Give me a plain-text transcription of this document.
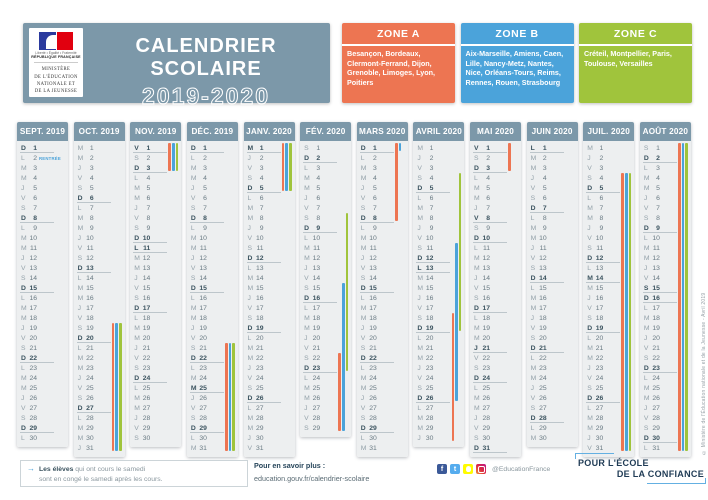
Liberté • Égalité • Fraternité
RÉPUBLIQUE FRANÇAISE
MINISTÈRE
DE L'ÉDUCATION
NATIONALE ET
DE LA JEUNESSE
CALENDRIER SCOLAIRE
2019-2020
ZONE A
Besançon, Bordeaux, Clermont-Ferrand, Dijon, Grenoble, Limoges, Lyon, Poitiers
ZONE B
Aix-Marseille, Amiens, Caen, Lille, Nancy-Metz, Nantes, Nice, Orléans-Tours, Reims, Rennes, Rouen, Strasbourg
ZONE C
Créteil, Montpellier, Paris, Toulouse, Versailles
SEPT. 2019
D	1
L	2 RENTRÉE
M 3
M 4
J	5
V	6
S	7
D	8
L	9
M 10
M 11
J 12
V 13
S 14
D 15
L 16
M 17
M 18
J 19
V 20
S 21
D 22
L 23
M 24
M 25
J 26
V 27
S 28
D 29
L 30
OCT. 2019
M 1
M 2
J	3
V	4
S	5
D	6
L	7
M 8
M 9
J 10
V 11
S 12
D 13
L 14
M 15
M 16
J 17
V 18
S 19
D 20
L 21
M 22
M 23
J 24
V 25
S 26
D 27
L 28
M 29
M 30
J 31
NOV. 2019
V	1
S	2
D	3
L	4
M 5
M 6
J	7
V	8
S	9
D 10
L 11
M 12
M 13
J 14
V 15
S 16
D 17
L 18
M 19
M 20
J 21
V 22
S 23
D 24
L 25
M 26
M 27
J 28
V 29
S 30
DÉC. 2019
D	1
L	2
M 3
M 4
J	5
V	6
S	7
D	8
L	9
M 10
M 11
J 12
V 13
S 14
D 15
L 16
M 17
M 18
J 19
V 20
S 21
D 22
L 23
M 24
M 25
J 26
V 27
S 28
D 29
L 30
M 31
JANV. 2020
M 1
J	2
V	3
S	4
D	5
L	6
M 7
M 8
J	9
V 10
S 11
D 12
L 13
M 14
M 15
J 16
V 17
S 18
D 19
L 20
M 21
M 22
J 23
V 24
S 25
D 26
L 27
M 28
M 29
J 30
V 31
FÉV. 2020
S	1
D	2
L	3
M 4
M 5
J	6
V	7
S	8
D	9
L 10
M 11
M 12
J 13
V 14
S 15
D 16
L 17
M 18
M 19
J 20
V 21
S 22
D 23
L 24
M 25
M 26
J 27
V 28
S 29
MARS 2020
D	1
L	2
M 3
M 4
J	5
V	6
S	7
D	8
L	9
M 10
M 11
J 12
V 13
S 14
D 15
L 16
M 17
M 18
J 19
V 20
S 21
D 22
L 23
M 24
M 25
J 26
V 27
S 28
D 29
L 30
M 31
AVRIL 2020
M 1
J	2
V	3
S	4
D	5
L	6
M 7
M 8
J	9
V 10
S 11
D 12
L 13
M 14
M 15
J 16
V 17
S 18
D 19
L 20
M 21
M 22
J 23
V 24
S 25
D 26
L 27
M 28
M 29
J 30
MAI 2020
V	1
S	2
D	3
L	4
M 5
M 6
J	7
V	8
S	9
D 10
L 11
M 12
M 13
J 14
V 15
S 16
D 17
L 18
M 19
M 20
J 21
V 22
S 23
D 24
L 25
M 26
M 27
J 28
V 29
S 30
D 31
JUIN 2020
L	1
M 2
M 3
J	4
V	5
S	6
D	7
L	8
M 9
M 10
J 11
V 12
S 13
D 14
L 15
M 16
M 17
J 18
V 19
S 20
D 21
L 22
M 23
M 24
J 25
V 26
S 27
D 28
L 29
M 30
JUIL. 2020
M 1
J	2
V	3
S	4
D	5
L	6
M 7
M 8
J	9
V 10
S 11
D 12
L 13
M 14
M 15
J 16
V 17
S 18
D 19
L 20
M 21
M 22
J 23
V 24
S 25
D 26
L 27
M 28
M 29
J 30
V 31
AOÛT 2020
S	1
D	2
L	3
M 4
M 5
J	6
V	7
S	8
D	9
L 10
M 11
M 12
J 13
V 14
S 15
D 16
L 17
M 18
M 19
J 20
V 21
S 22
D 23
L 24
M 25
M 26
J 27
V 28
S 29
D 30
L 31
→ Les élèves qui ont cours le samedi
sont en congé le samedi après les cours.
Pour en savoir plus :
education.gouv.fr/calendrier-scolaire
f	t	@EducationFrance
POUR L'ÉCOLE
DE LA CONFIANCE
© Ministère de l'Éducation nationale et de la Jeunesse - Avril 2019
